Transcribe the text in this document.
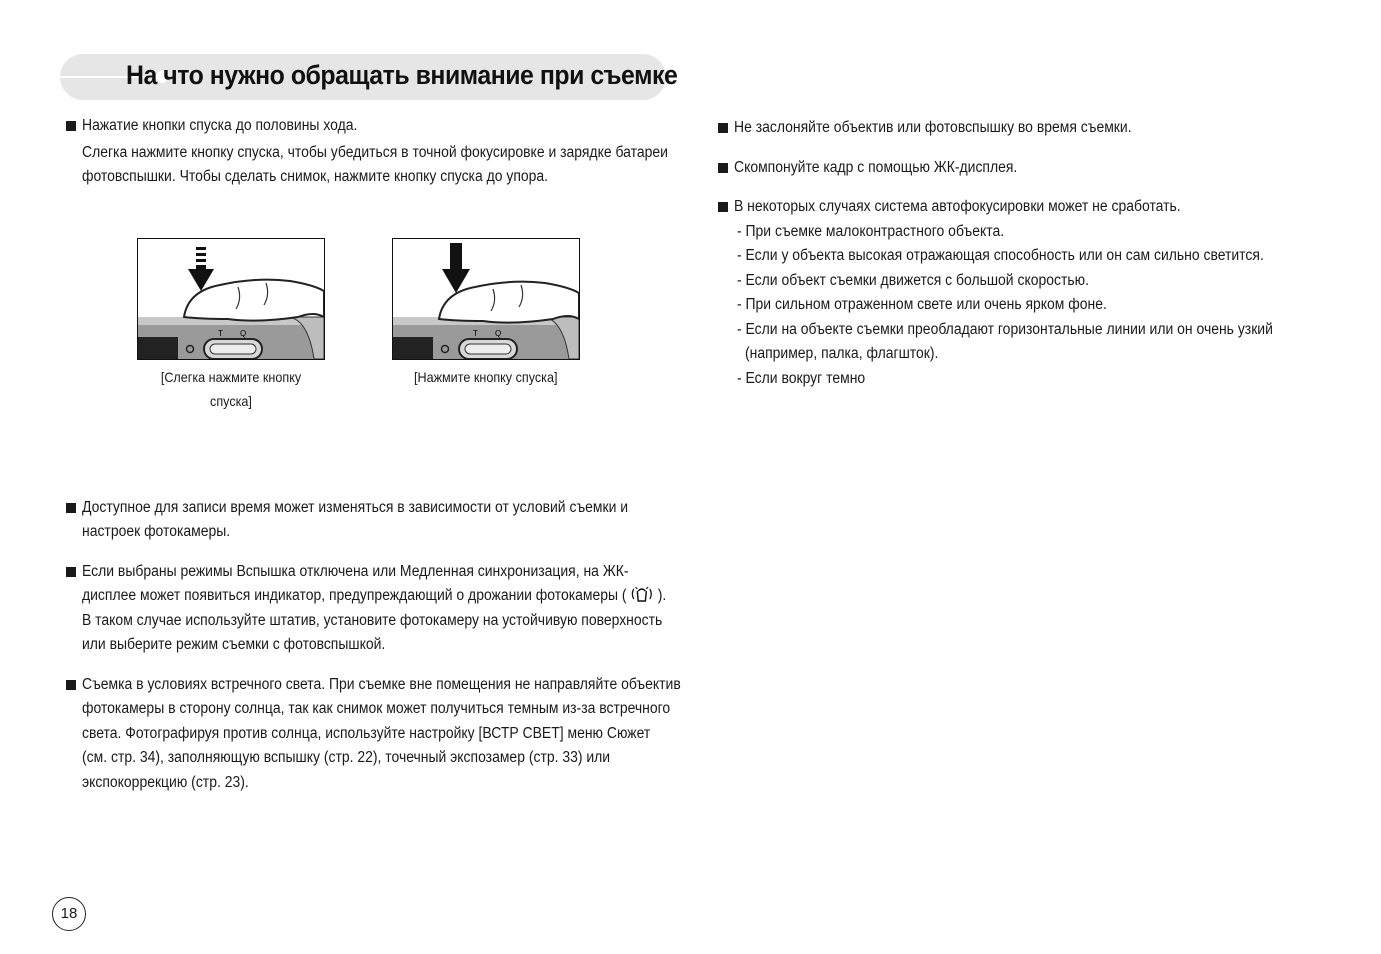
На что нужно обращать внимание при съемке
Нажатие кнопки спуска до половины хода.
Слегка нажмите кнопку спуска, чтобы убедиться в точной фокусировке и зарядке батареи
фотовспышки. Чтобы сделать снимок, нажмите кнопку спуска до упора.
T Q
[Слегка нажмите кнопку спуска]
T Q
[Нажмите кнопку спуска]
Доступное для записи время может изменяться в зависимости от условий съемки и
настроек фотокамеры.
Если выбраны режимы Вспышка отключена или Медленная синхронизация, на ЖК-
дисплее может появиться индикатор, предупреждающий о дрожании фотокамеры ( ).
В таком случае используйте штатив, установите фотокамеру на устойчивую поверхность
или выберите режим съемки с фотовспышкой.
Съемка в условиях встречного света. При съемке вне помещения не направляйте объектив
фотокамеры в сторону солнца, так как снимок может получиться темным из-за встречного
света. Фотографируя против солнца, используйте настройку [ВСТР СВЕТ] меню Сюжет
(см. стр. 34), заполняющую вспышку (стр. 22), точечный экспозамер (стр. 33) или
экспокоррекцию (стр. 23).
Не заслоняйте объектив или фотовспышку во время съемки.
Скомпонуйте кадр с помощью ЖК-дисплея.
В некоторых случаях система автофокусировки может не сработать.
- При съемке малоконтрастного объекта.
- Если у объекта высокая отражающая способность или он сам сильно светится.
- Если объект съемки движется с большой скоростью.
- При сильном отраженном свете или очень ярком фоне.
- Если на объекте съемки преобладают горизонтальные линии или он очень узкий
(например, палка, флагшток).
- Если вокруг темно
18
